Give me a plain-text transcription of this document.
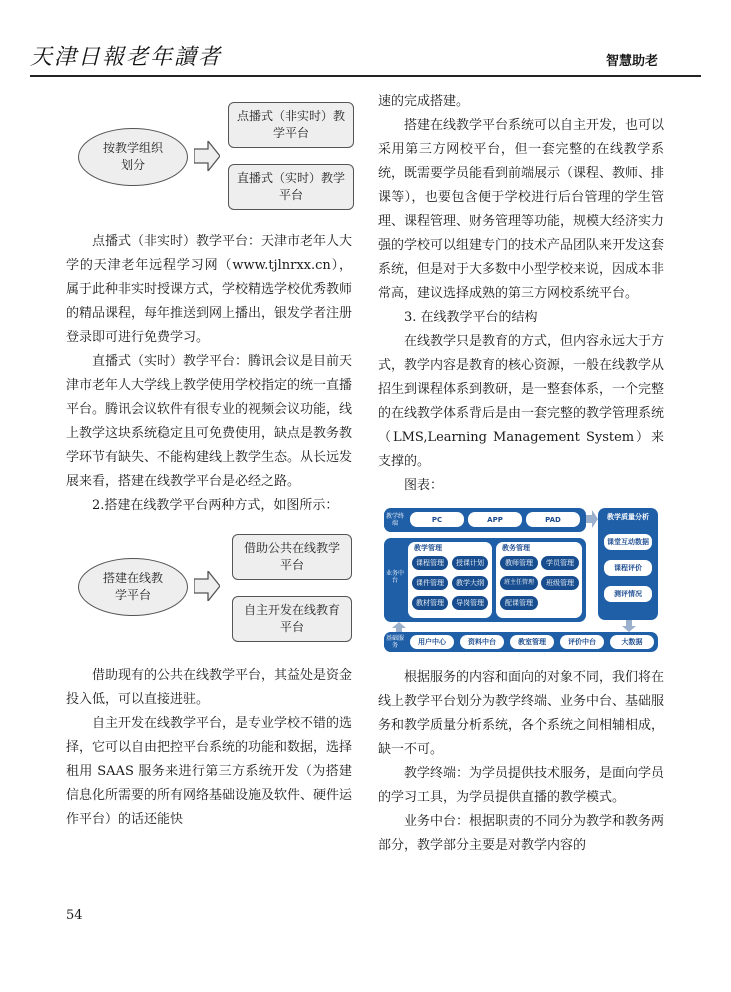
天津日報老年讀者	智慧助老
按教学组织划分
点播式（非实时）教学平台
直播式（实时）教学平台

点播式（非实时）教学平台：天津市老年人大学的天津老年远程学习网（www.tjlnrxx.cn），属于此种非实时授课方式，学校精选学校优秀教师的精品课程，每年推送到网上播出，银发学者注册登录即可进行免费学习。

直播式（实时）教学平台：腾讯会议是目前天津市老年人大学线上教学使用学校指定的统一直播平台。腾讯会议软件有很专业的视频会议功能，线上教学这块系统稳定且可免费使用，缺点是教务教学环节有缺失、不能构建线上教学生态。从长远发展来看，搭建在线教学平台是必经之路。

2.搭建在线教学平台两种方式，如图所示：

搭建在线教学平台
借助公共在线教学平台
自主开发在线教育平台

借助现有的公共在线教学平台，其益处是资金投入低，可以直接进驻。

自主开发在线教学平台，是专业学校不错的选择，它可以自由把控平台系统的功能和数据，选择租用 SAAS 服务来进行第三方系统开发（为搭建信息化所需要的所有网络基础设施及软件、硬件运作平台）的话还能快

速的完成搭建。

搭建在线教学平台系统可以自主开发，也可以采用第三方网校平台，但一套完整的在线教学系统，既需要学员能看到前端展示（课程、教师、排课等），也要包含便于学校进行后台管理的学生管理、课程管理、财务管理等功能，规模大经济实力强的学校可以组建专门的技术产品团队来开发这套系统，但是对于大多数中小型学校来说，因成本非常高，建议选择成熟的第三方网校系统平台。

3. 在线教学平台的结构

在线教学只是教育的方式，但内容永远大于方式，教学内容是教育的核心资源，一般在线教学从招生到课程体系到教研，是一整套体系，一个完整的在线教学体系背后是由一套完整的教学管理系统（LMS,Learning Management System）来支撑的。

图表：

教学终端	PC	APP	PAD
业务中台
教学管理
课程管理	授课计划
课件管理	教学大纲
教材管理	导岗管理
教务管理
教师管理	学员管理
班主任管理	班级管理
配课管理
教学质量分析
课堂互动数据
课程评价
测评情况
基础服务	用户中心	资料中台	教室管理	评价中台	大数据

根据服务的内容和面向的对象不同，我们将在线上教学平台划分为教学终端、业务中台、基础服务和教学质量分析系统，各个系统之间相辅相成，缺一不可。

教学终端：为学员提供技术服务，是面向学员的学习工具，为学员提供直播的教学模式。

业务中台：根据职责的不同分为教学和教务两部分，教学部分主要是对教学内容的

54
